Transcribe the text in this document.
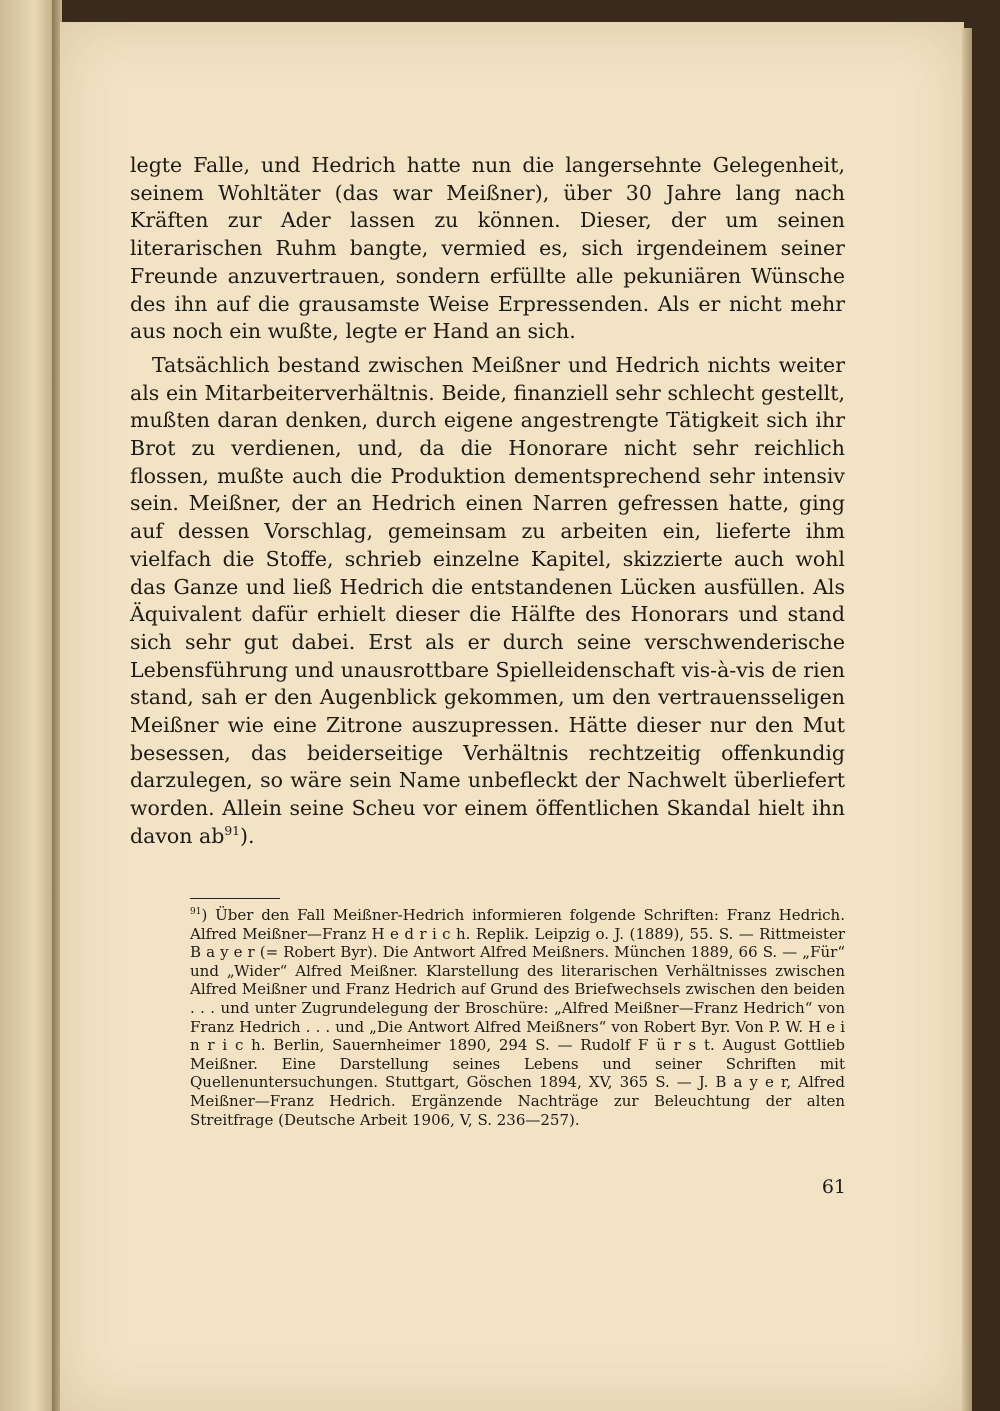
legte Falle, und Hedrich hatte nun die langersehnte Gelegenheit, seinem Wohltäter (das war Meißner), über 30 Jahre lang nach Kräften zur Ader lassen zu können. Dieser, der um seinen literarischen Ruhm bangte, vermied es, sich irgendeinem seiner Freunde anzuvertrauen, sondern erfüllte alle pekuniären Wünsche des ihn auf die grausamste Weise Erpressenden. Als er nicht mehr aus noch ein wußte, legte er Hand an sich.

Tatsächlich bestand zwischen Meißner und Hedrich nichts weiter als ein Mitarbeiterverhältnis. Beide, finanziell sehr schlecht gestellt, mußten daran denken, durch eigene angestrengte Tätigkeit sich ihr Brot zu verdienen, und, da die Honorare nicht sehr reichlich flossen, mußte auch die Produktion dementsprechend sehr intensiv sein. Meißner, der an Hedrich einen Narren gefressen hatte, ging auf dessen Vorschlag, gemeinsam zu arbeiten ein, lieferte ihm vielfach die Stoffe, schrieb einzelne Kapitel, skizzierte auch wohl das Ganze und ließ Hedrich die entstandenen Lücken ausfüllen. Als Äquivalent dafür erhielt dieser die Hälfte des Honorars und stand sich sehr gut dabei. Erst als er durch seine verschwenderische Lebensführung und unausrottbare Spielleidenschaft vis-à-vis de rien stand, sah er den Augenblick gekommen, um den vertrauensseligen Meißner wie eine Zitrone auszupressen. Hätte dieser nur den Mut besessen, das beiderseitige Verhältnis rechtzeitig offenkundig darzulegen, so wäre sein Name unbefleckt der Nachwelt überliefert worden. Allein seine Scheu vor einem öffentlichen Skandal hielt ihn davon $ab^{91}$).

$^{91}$) Über den Fall Meißner-Hedrich informieren folgende Schriften: Franz Hedrich. Alfred Meißner—Franz H e d r i c h. Replik. Leipzig o. J. (1889), 55. S. — Rittmeister B a y e r (= Robert Byr). Die Antwort Alfred Meißners. München 1889, 66 S. — „Für“ und „Wider“ Alfred Meißner. Klarstellung des literarischen Verhältnisses zwischen Alfred Meißner und Franz Hedrich auf Grund des Briefwechsels zwischen den beiden . . . und unter Zugrundelegung der Broschüre: „Alfred Meißner—Franz Hedrich“ von Franz Hedrich . . . und „Die Antwort Alfred Meißners“ von Robert Byr. Von P. W. H e i n r i c h. Berlin, Sauernheimer 1890, 294 S. — Rudolf F ü r s t. August Gottlieb Meißner. Eine Darstellung seines Lebens und seiner Schriften mit Quellenuntersuchungen. Stuttgart, Göschen 1894, XV, 365 S. — J. B a y e r, Alfred Meißner—Franz Hedrich. Ergänzende Nachträge zur Beleuchtung der alten Streitfrage (Deutsche Arbeit 1906, V, S. 236—257).

61
